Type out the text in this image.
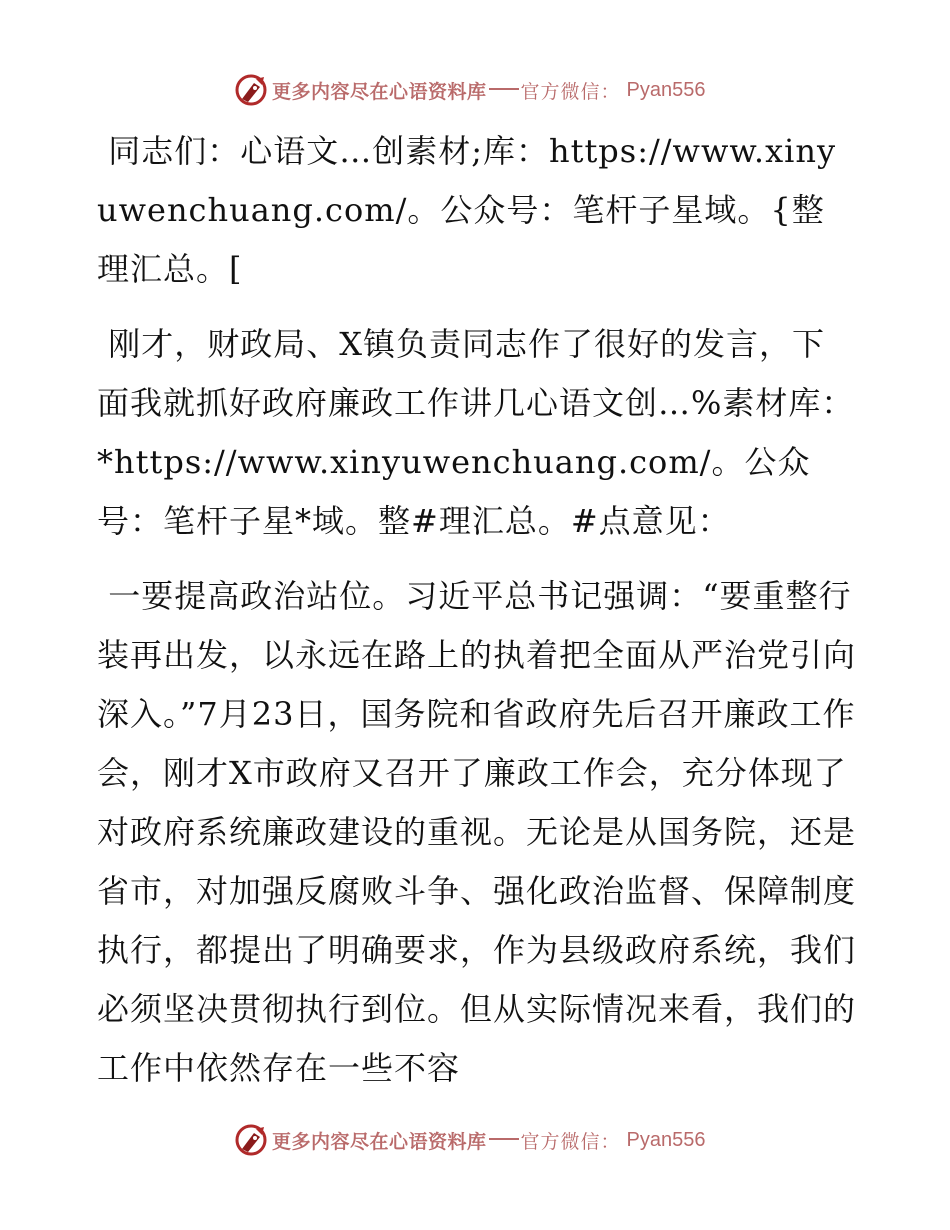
更多内容尽在心语资料库 官方微信： Pyan556

同志们：心语文…创素材;库：https://www.xinyuwenchuang.com/。公众号：笔杆子星域。{整理汇总。[

刚才，财政局、X镇负责同志作了很好的发言，下面我就抓好政府廉政工作讲几心语文创…%素材库：*https://www.xinyuwenchuang.com/。公众号：笔杆子星*域。整#理汇总。#点意见：

一要提高政治站位。习近平总书记强调：“要重整行装再出发，以永远在路上的执着把全面从严治党引向深入。”7月23日，国务院和省政府先后召开廉政工作会，刚才X市政府又召开了廉政工作会，充分体现了对政府系统廉政建设的重视。无论是从国务院，还是省市，对加强反腐败斗争、强化政治监督、保障制度执行，都提出了明确要求，作为县级政府系统，我们必须坚决贯彻执行到位。但从实际情况来看，我们的工作中依然存在一些不容

更多内容尽在心语资料库 官方微信： Pyan556
